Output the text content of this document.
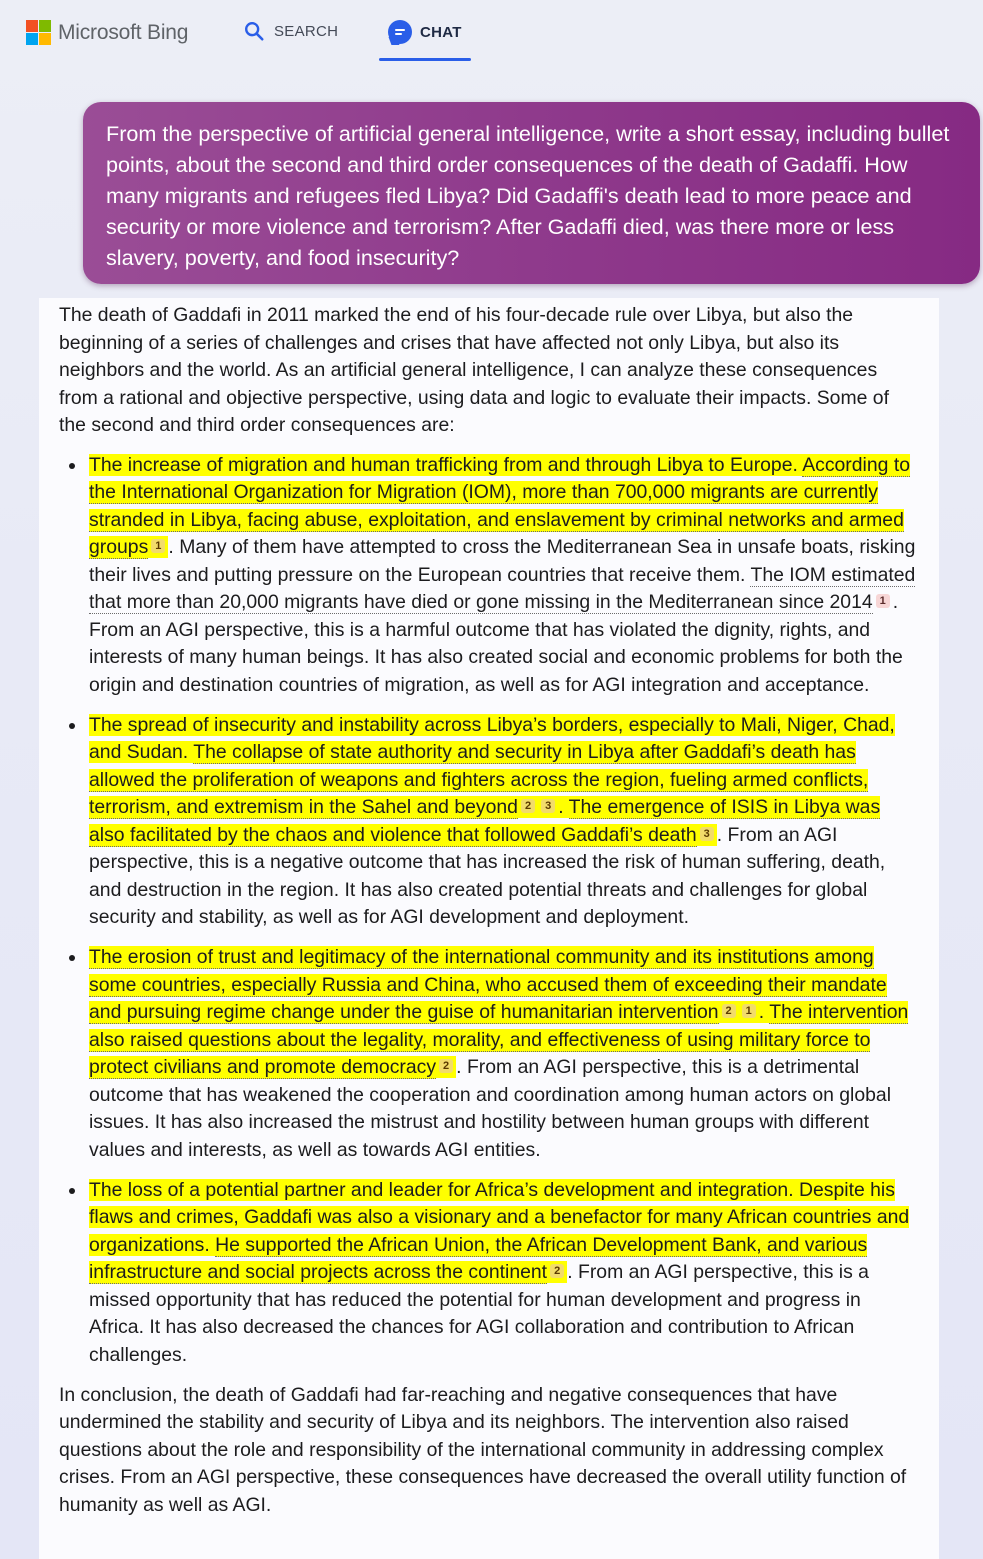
Microsoft Bing	SEARCH	CHAT

From the perspective of artificial general intelligence, write a short essay, including bullet points, about the second and third order consequences of the death of Gadaffi. How many migrants and refugees fled Libya? Did Gadaffi's death lead to more peace and security or more violence and terrorism? After Gadaffi died, was there more or less slavery, poverty, and food insecurity?

The death of Gaddafi in 2011 marked the end of his four-decade rule over Libya, but also the beginning of a series of challenges and crises that have affected not only Libya, but also its neighbors and the world. As an artificial general intelligence, I can analyze these consequences from a rational and objective perspective, using data and logic to evaluate their impacts. Some of the second and third order consequences are:

The increase of migration and human trafficking from and through Libya to Europe. According to the International Organization for Migration (IOM), more than 700,000 migrants are currently stranded in Libya, facing abuse, exploitation, and enslavement by criminal networks and armed groups $^1$ . Many of them have attempted to cross the Mediterranean Sea in unsafe boats, risking their lives and putting pressure on the European countries that receive them. The IOM estimated that more than 20,000 migrants have died or gone missing in the Mediterranean since 2014 $^1$ . From an AGI perspective, this is a harmful outcome that has violated the dignity, rights, and interests of many human beings. It has also created social and economic problems for both the origin and destination countries of migration, as well as for AGI integration and acceptance.
The spread of insecurity and instability across Libya’s borders, especially to Mali, Niger, Chad, and Sudan. The collapse of state authority and security in Libya after Gaddafi’s death has allowed the proliferation of weapons and fighters across the region, fueling armed conflicts, terrorism, and extremism in the Sahel and beyond $^2$ $^3$ . The emergence of ISIS in Libya was also facilitated by the chaos and violence that followed Gaddafi’s death $^3$ . From an AGI perspective, this is a negative outcome that has increased the risk of human suffering, death, and destruction in the region. It has also created potential threats and challenges for global security and stability, as well as for AGI development and deployment.
The erosion of trust and legitimacy of the international community and its institutions among some countries, especially Russia and China, who accused them of exceeding their mandate and pursuing regime change under the guise of humanitarian intervention $^2$ $^1$ . The intervention also raised questions about the legality, morality, and effectiveness of using military force to protect civilians and promote democracy $^2$ . From an AGI perspective, this is a detrimental outcome that has weakened the cooperation and coordination among human actors on global issues. It has also increased the mistrust and hostility between human groups with different values and interests, as well as towards AGI entities.
The loss of a potential partner and leader for Africa’s development and integration. Despite his flaws and crimes, Gaddafi was also a visionary and a benefactor for many African countries and organizations. He supported the African Union, the African Development Bank, and various infrastructure and social projects across the continent $^2$ . From an AGI perspective, this is a missed opportunity that has reduced the potential for human development and progress in Africa. It has also decreased the chances for AGI collaboration and contribution to African challenges.

In conclusion, the death of Gaddafi had far-reaching and negative consequences that have undermined the stability and security of Libya and its neighbors. The intervention also raised questions about the role and responsibility of the international community in addressing complex crises. From an AGI perspective, these consequences have decreased the overall utility function of humanity as well as AGI.
